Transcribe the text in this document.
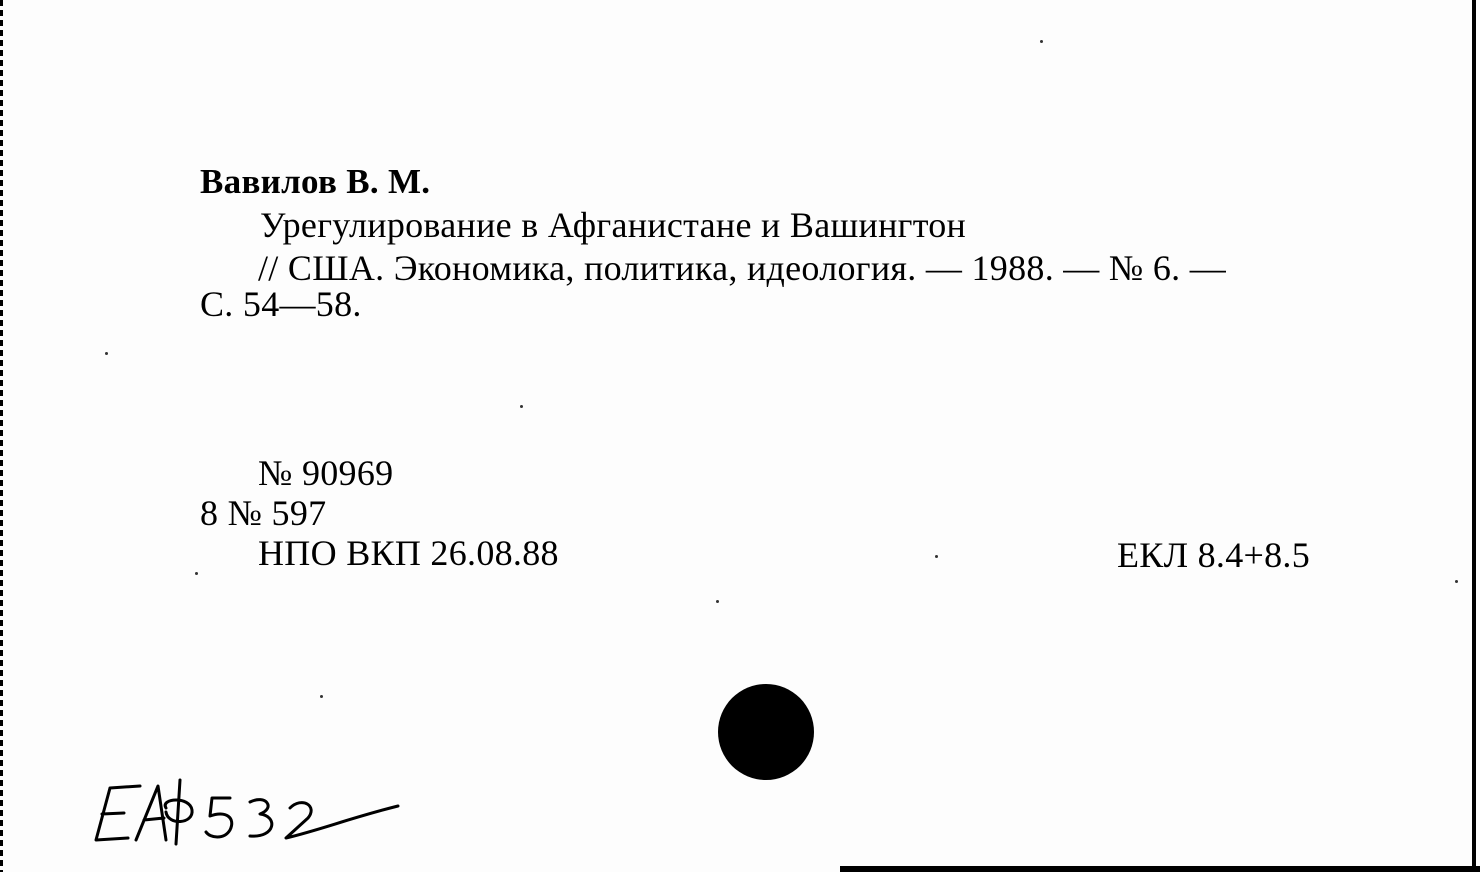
Вавилов В. М.

Урегулирование в Афганистане и Вашингтон

// США. Экономика, политика, идеология. — 1988. — № 6. —

С. 54—58.

№ 90969

8 № 597

НПО ВКП 26.08.88	ЕКЛ 8.4+8.5
